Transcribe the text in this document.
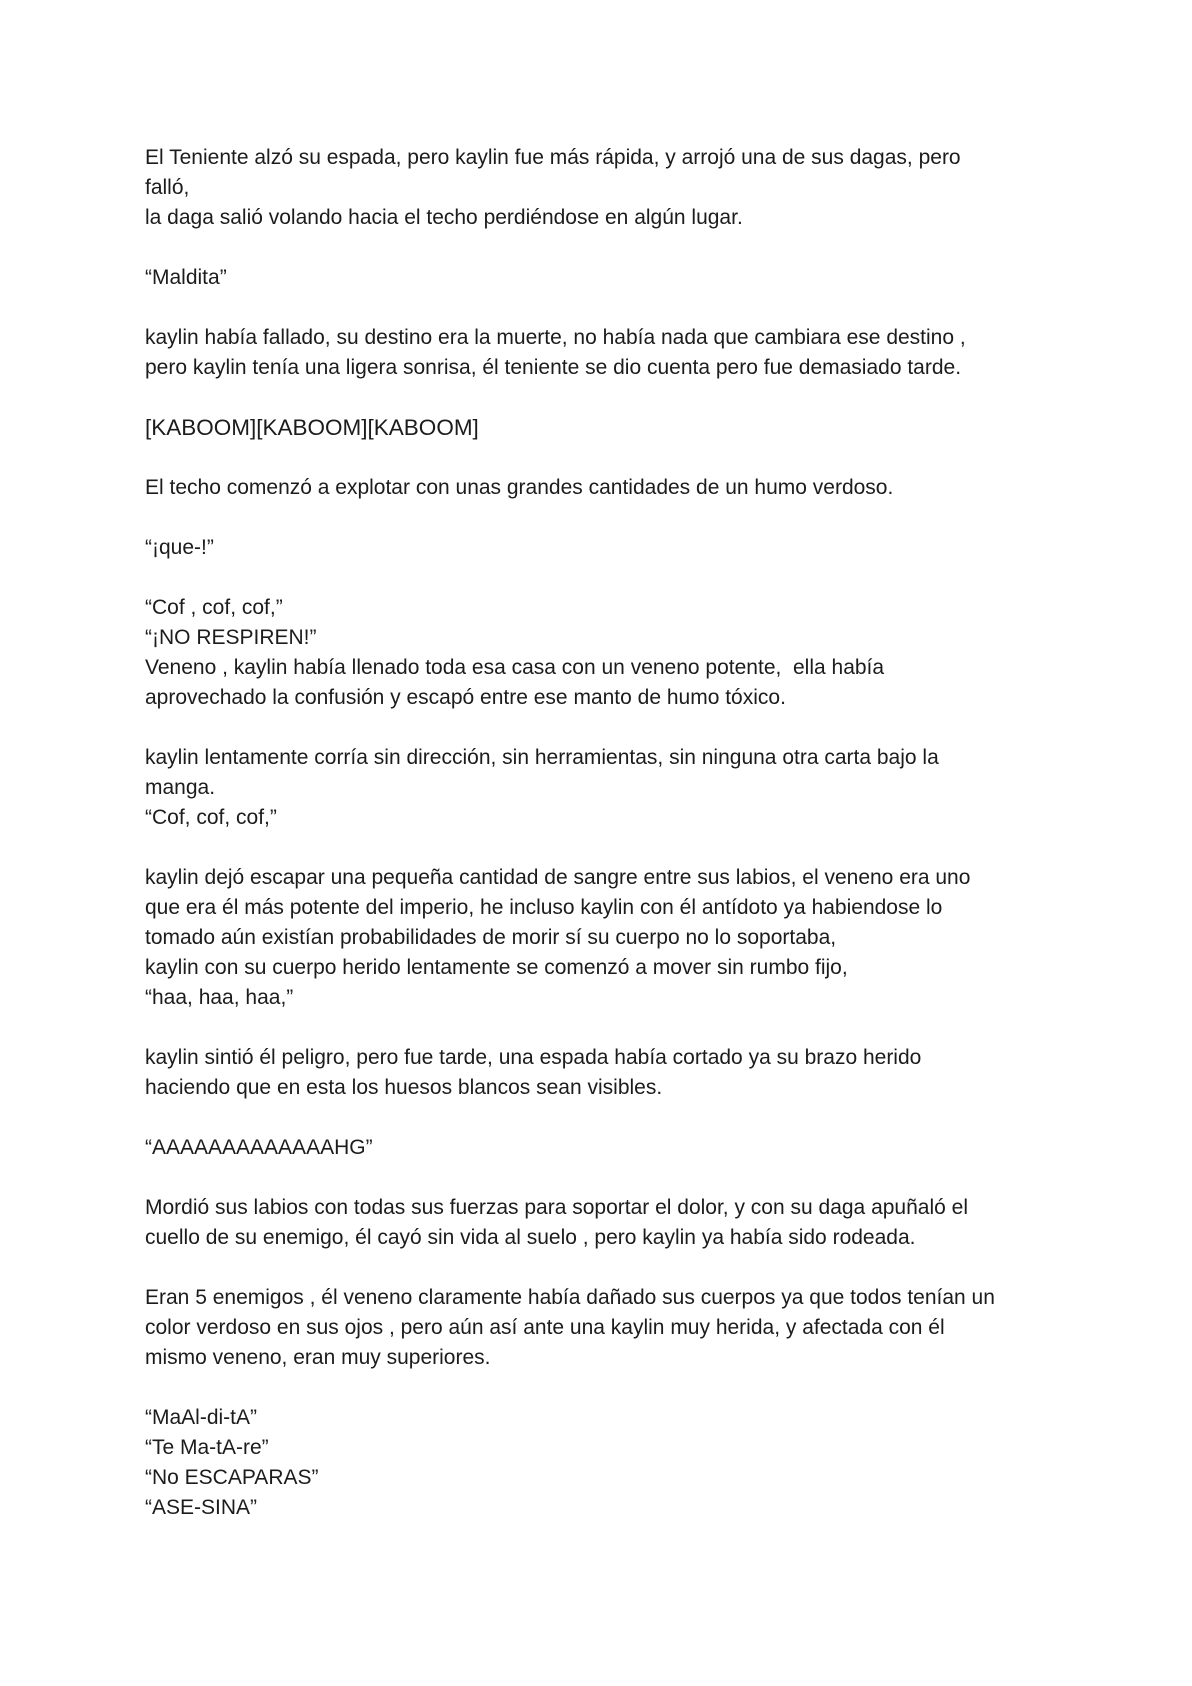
El Teniente alzó su espada, pero kaylin fue más rápida, y arrojó una de sus dagas, pero
falló,
la daga salió volando hacia el techo perdiéndose en algún lugar.
“Maldita”
kaylin había fallado, su destino era la muerte, no había nada que cambiara ese destino ,
pero kaylin tenía una ligera sonrisa, él teniente se dio cuenta pero fue demasiado tarde.
[KABOOM][KABOOM][KABOOM]
El techo comenzó a explotar con unas grandes cantidades de un humo verdoso.
“¡que-!”
“Cof , cof, cof,”
“¡NO RESPIREN!”
Veneno , kaylin había llenado toda esa casa con un veneno potente,  ella había
aprovechado la confusión y escapó entre ese manto de humo tóxico.
kaylin lentamente corría sin dirección, sin herramientas, sin ninguna otra carta bajo la
manga.
“Cof, cof, cof,”
kaylin dejó escapar una pequeña cantidad de sangre entre sus labios, el veneno era uno
que era él más potente del imperio, he incluso kaylin con él antídoto ya habiendose lo
tomado aún existían probabilidades de morir sí su cuerpo no lo soportaba,
kaylin con su cuerpo herido lentamente se comenzó a mover sin rumbo fijo,
“haa, haa, haa,”
kaylin sintió él peligro, pero fue tarde, una espada había cortado ya su brazo herido
haciendo que en esta los huesos blancos sean visibles.
“AAAAAAAAAAAAAHG”
Mordió sus labios con todas sus fuerzas para soportar el dolor, y con su daga apuñaló el
cuello de su enemigo, él cayó sin vida al suelo , pero kaylin ya había sido rodeada.
Eran 5 enemigos , él veneno claramente había dañado sus cuerpos ya que todos tenían un
color verdoso en sus ojos , pero aún así ante una kaylin muy herida, y afectada con él
mismo veneno, eran muy superiores.
“MaAl-di-tA”
“Te Ma-tA-re”
“No ESCAPARAS”
“ASE-SINA”
